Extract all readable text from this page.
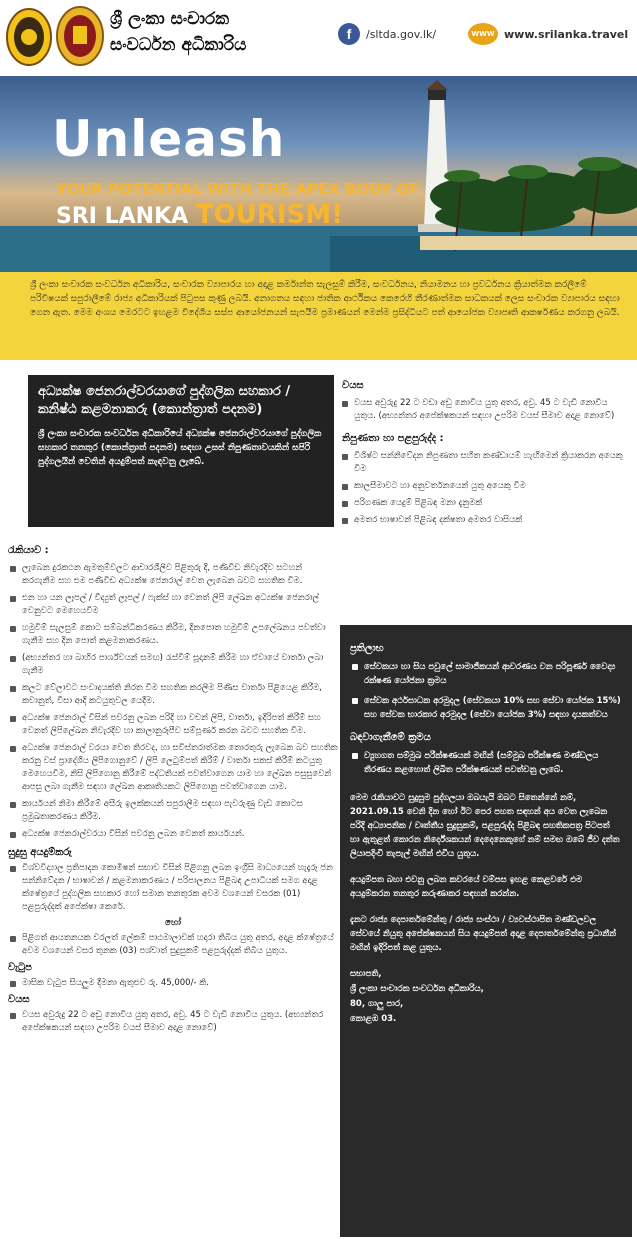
ශ්‍රී ලංකා සංචාරක
සංවර්ධන අධිකාරිය
f	/sltda.gov.lk/	WWW www.srilanka.travel
Unleash
YOUR POTENTIAL WITH THE APEX BODY OF
SRI LANKA TOURISM!
ශ්‍රී ලංකා සංචාරක සංවර්ධන අධිකාරිය, සංචාරක ව්‍යාපාරය හා අදාළ කර්මාන්ත සැලසුම් කිරීම, සංවර්ධනය, නියාමනය හා ප්‍රවර්ධනය ක්‍රියාත්මක කරලීමේ පරිවිෂයක් සපුරාලීමේ රාජ්‍ය අධිකාරියක් පිටුපස කුණු ලබයි. අනාගතය සඳහා ජාතික ආර්ථිකය කෙරෙහි තීරණාත්මක සාධකයක් ලෙස සංචාරක ව්‍යාපාරය සඳහා ගෙන ඇත. මෙම අංශය මෙරටට ඉහළම විදේශීය සස්ප ආයෝජනයන් සැපයීම ප්‍රමාණයන් මෙන්ම ප්‍රසිද්ධියට පත් ආයෝජක ව්‍යාපෘති ආකර්ෂණය කරගනු ලබයි.
අධ්‍යක්ෂ ජෙනරාල්වරයාගේ පුද්ගලික සහකාර / කනිෂ්ඨ කළමනාකරු (කොන්ත්‍රාත් පදනම)

ශ්‍රී ලංකා සංචාරක සංවර්ධන අධිකාරියේ අධ්‍යක්ෂ ජෙනරාල්වරයාගේ පුද්ගලික සහකාර තනතුර (කොන්ත්‍රාත් පදනම) සඳහා උසස් නිපුණතාවයකින් සපිරි පුද්ගලයින් වෙතින් අයදුම්පත් කැඳවනු ලැබේ.

රැකියාව :
ලැබෙන දුරකථන ඇමතුම්වලට ආචාරශීලීව පිළිතුරු දී, පණිවිඩ නිවැරදිව සටහන් කරගැනීම සහ එම පණිවිඩ අධ්‍යක්ෂ ජෙනරාල් වෙත ලැබෙන බවට සහතික වීම.
එන හා යන ලෑපල් / විද්‍යුත් ලෑපල් / ෆැක්ස් හා වෙනත් ලිපි ලේඛන අධ්‍යක්ෂ ජෙනරාල් වෙනුවට මෙහෙයවීම
හමුවීම් සැලසුම් කොට සම්බන්ධීකරණය කිරීම, දිනපොත හමුවීම් උපලේඛනය පවත්වා ගැනීම සහ දින පොත් කළමනාකරණය.
(අභ්‍යන්තර හා බාහිර පාර්ශ්වයන් සමඟ) රැස්වීම් සූදානම් කිරීම හා ඒවායේ වාර්තා ලබා ගැනීම
කලට වේලාවට සංවාදයක්ති නිරත වීම සහතික කරලීම පිණිස වාර්තා පිළියෙළ කිරීම, කවානුත්, වීසා ආදි කටයුතුවල යෙදීම.
අධ්‍යක්ෂ ජෙනරාල් විසින් පවරනු ලබන පරිදි හා වචන් ලිපි, වාර්තා, ඉදිරිපත් කිරීම් සහ වෙනත් ලිපිලේඛන නිවැරදිව හා කාලානුරූපීව සම්පූර්ණ කරන බවට සහතික වීම.
අධ්‍යක්ෂ ජෙනරාල් වරයා වෙත තිරවද, හා සවිස්තරාත්මක තොරතුරු ලැබෙන බව සහතික කරනු වස් ප්‍රාදේශීය ලිපිගොනුවේ / ලිපි ලෙටුම්පත් කිරීම් / වාර්තා සකස් කිරීම් කටයුතු මෙහෙයවීම, නිසි ලිපිගොනු කිරීමේ පද්ධතියක් පවත්වාගෙන යාම හා ලේඛන පසුසුවෙන් ආපසු ලබා ගැනීම සඳහා ලේඛන ආකෘතියකට ලිපිගොනු පවත්වාගෙන යාම.
කාර්යයන් නිමා කිරීමේ අසීරු ඉලක්කයන් සපුරාලීම සඳහා පැවරුණු වැඩ කොටස ප්‍රමුඛතාකරණය කිරීම.
අධ්‍යක්ෂ ජෙනරාල්වරයා විසින් පවරනු ලබන වෙනත් කාර්යයන්.
සුදුසු අයදුම්කරු
විශ්වවිද්‍යාල ප්‍රතිපාදන කොමිෂන් සභාව විසින් පිළිගනු ලබන ඉංග්‍රීසි මාධ්‍යයෙන් හැදෑරූ ජන සන්නිවේදන / භාෂාවන් / කළමනාකරණය / පරිපාලනය පිළිබඳ උපාධියක් සමග අදාළ ක්ෂේත්‍රයේ පුද්ගලික සහකාර හෝ සමාන තනතුරක අවම වශයෙන් වසරක (01) පළපුරුද්දක් අපේක්ෂා කෙරේ.
හෝ
පිළිගත් ආයතනයක වරලත් ලේකම් පාඨමාලාවක් හදාරා තිබිය යුතු අතර, අදාළ ක්ෂේත්‍රයේ අවම වශයෙන් වසර තුනක (03) පශ්චාත් සුදුසුකම් පළපුරුද්දක් තිබිය යුතුය.
වැටුප
මාසික වැටුප සියලුම දීමනා ඇතුළුව රු. 45,000/- කි.
වයස
වයස අවුරුදු 22 ට අඩු නොවිය යුතු අතර, අවු. 45 ට වැඩි නොවිය යුතුය. (අභ්‍යන්තර අපේක්ෂකයන් සඳහා උපරිම වයස් සීමාව අදාළ නොවේ)
වයස
වයස අවුරුදු 22 ට වඩා අඩු නොවිය යුතු අතර, අවු. 45 ට වැඩි නොවිය යුතුය. (අභ්‍යන්තර අපේක්ෂකයන් සඳහා උපරිම වයස් සීමාව අදාළ නොවේ)
නිපුණතා හා පළපුරුද්ද :
විශිෂ්ට සන්නිවේදන නිපුණතා සහිත කණ්ඩායම් හැඟීමෙන් ක්‍රියාකරන අයෙකු වීම
කාලසීමාවට හා අනුවර්තනයෙන් යුතු අයෙකු වීම
පරිගණක යෙදුම් පිළිබඳ මනා දැනුමක්
අමතර භාෂාවන් පිළිබඳ දක්ෂතා අමතර වාසියක්
ප්‍රතිලාභ
සේවකයා හා සිය පවුලේ සාමාජිකයන් ආවරණය වන පරිපූර්ණ වෛද්‍ය රක්ෂණ යෝජනා ක්‍රමය
සේවක අර්ථසාධක අරමුදල (සේවකයා 10% සහ සේවා යෝජක 15%) සහ සේවක භාරකාර අරමුදල (සේවා යෝජක 3%) සඳහා දායකත්වය
බඳවාගැනීමේ ක්‍රමය
ව්‍යුහගත සම්මුඛ පරීක්ෂණයක් මඟින් (සම්මුඛ පරීක්ෂණ මණ්ඩලය තීරණය කළහොත් ලිඛිත පරීක්ෂණයක් පවත්වනු ලැබේ.

මෙම රැකියාවට සුදුසුම පුද්ගලයා ඔබයැයි ඔබට සිතෙන්නේ නම්, 2021.09.15 වෙනි දින හෝ ඊට පෙර පහත සඳහන් අය වෙත ලැබෙන පරිදි අධ්‍යාපනික / වෘත්තීය සුදුසුකම්, පළපුරුද්ද පිළිබඳ සහතිකපත්‍ර පිටපත් හා ඇතුළත් කොරන නිර්දේශකයන් දෙදෙනෙකුගේ නම් සමඟ ඔබේ ජීව දත්ත ලියාපදිංචි තැපැල් මඟින් එවිය යුතුය.

අයදුම්පත බහා එවනු ලබන කවරයේ වම්පස ඉහළ කෙළවරේ එම අයදුම්කරන තනතුර කරුණාකර සඳහන් කරන්න.

දැනට රාජ්‍ය දෙපාර්තමේන්තු / රාජ්‍ය සංස්ථා / ව්‍යවස්ථාපිත මණ්ඩලවල සේවයේ නියුතු අපේක්ෂකයන් සිය අයදුම්පත් අදාළ දෙපාර්තමේන්තු ප්‍රධානීන් මඟින් ඉදිරිපත් කළ යුතුය.

සභාපති,
ශ්‍රී ලංකා සංචාරක සංවර්ධන අධිකාරිය,
80, ගාලු පාර,
කොළඹ 03.
